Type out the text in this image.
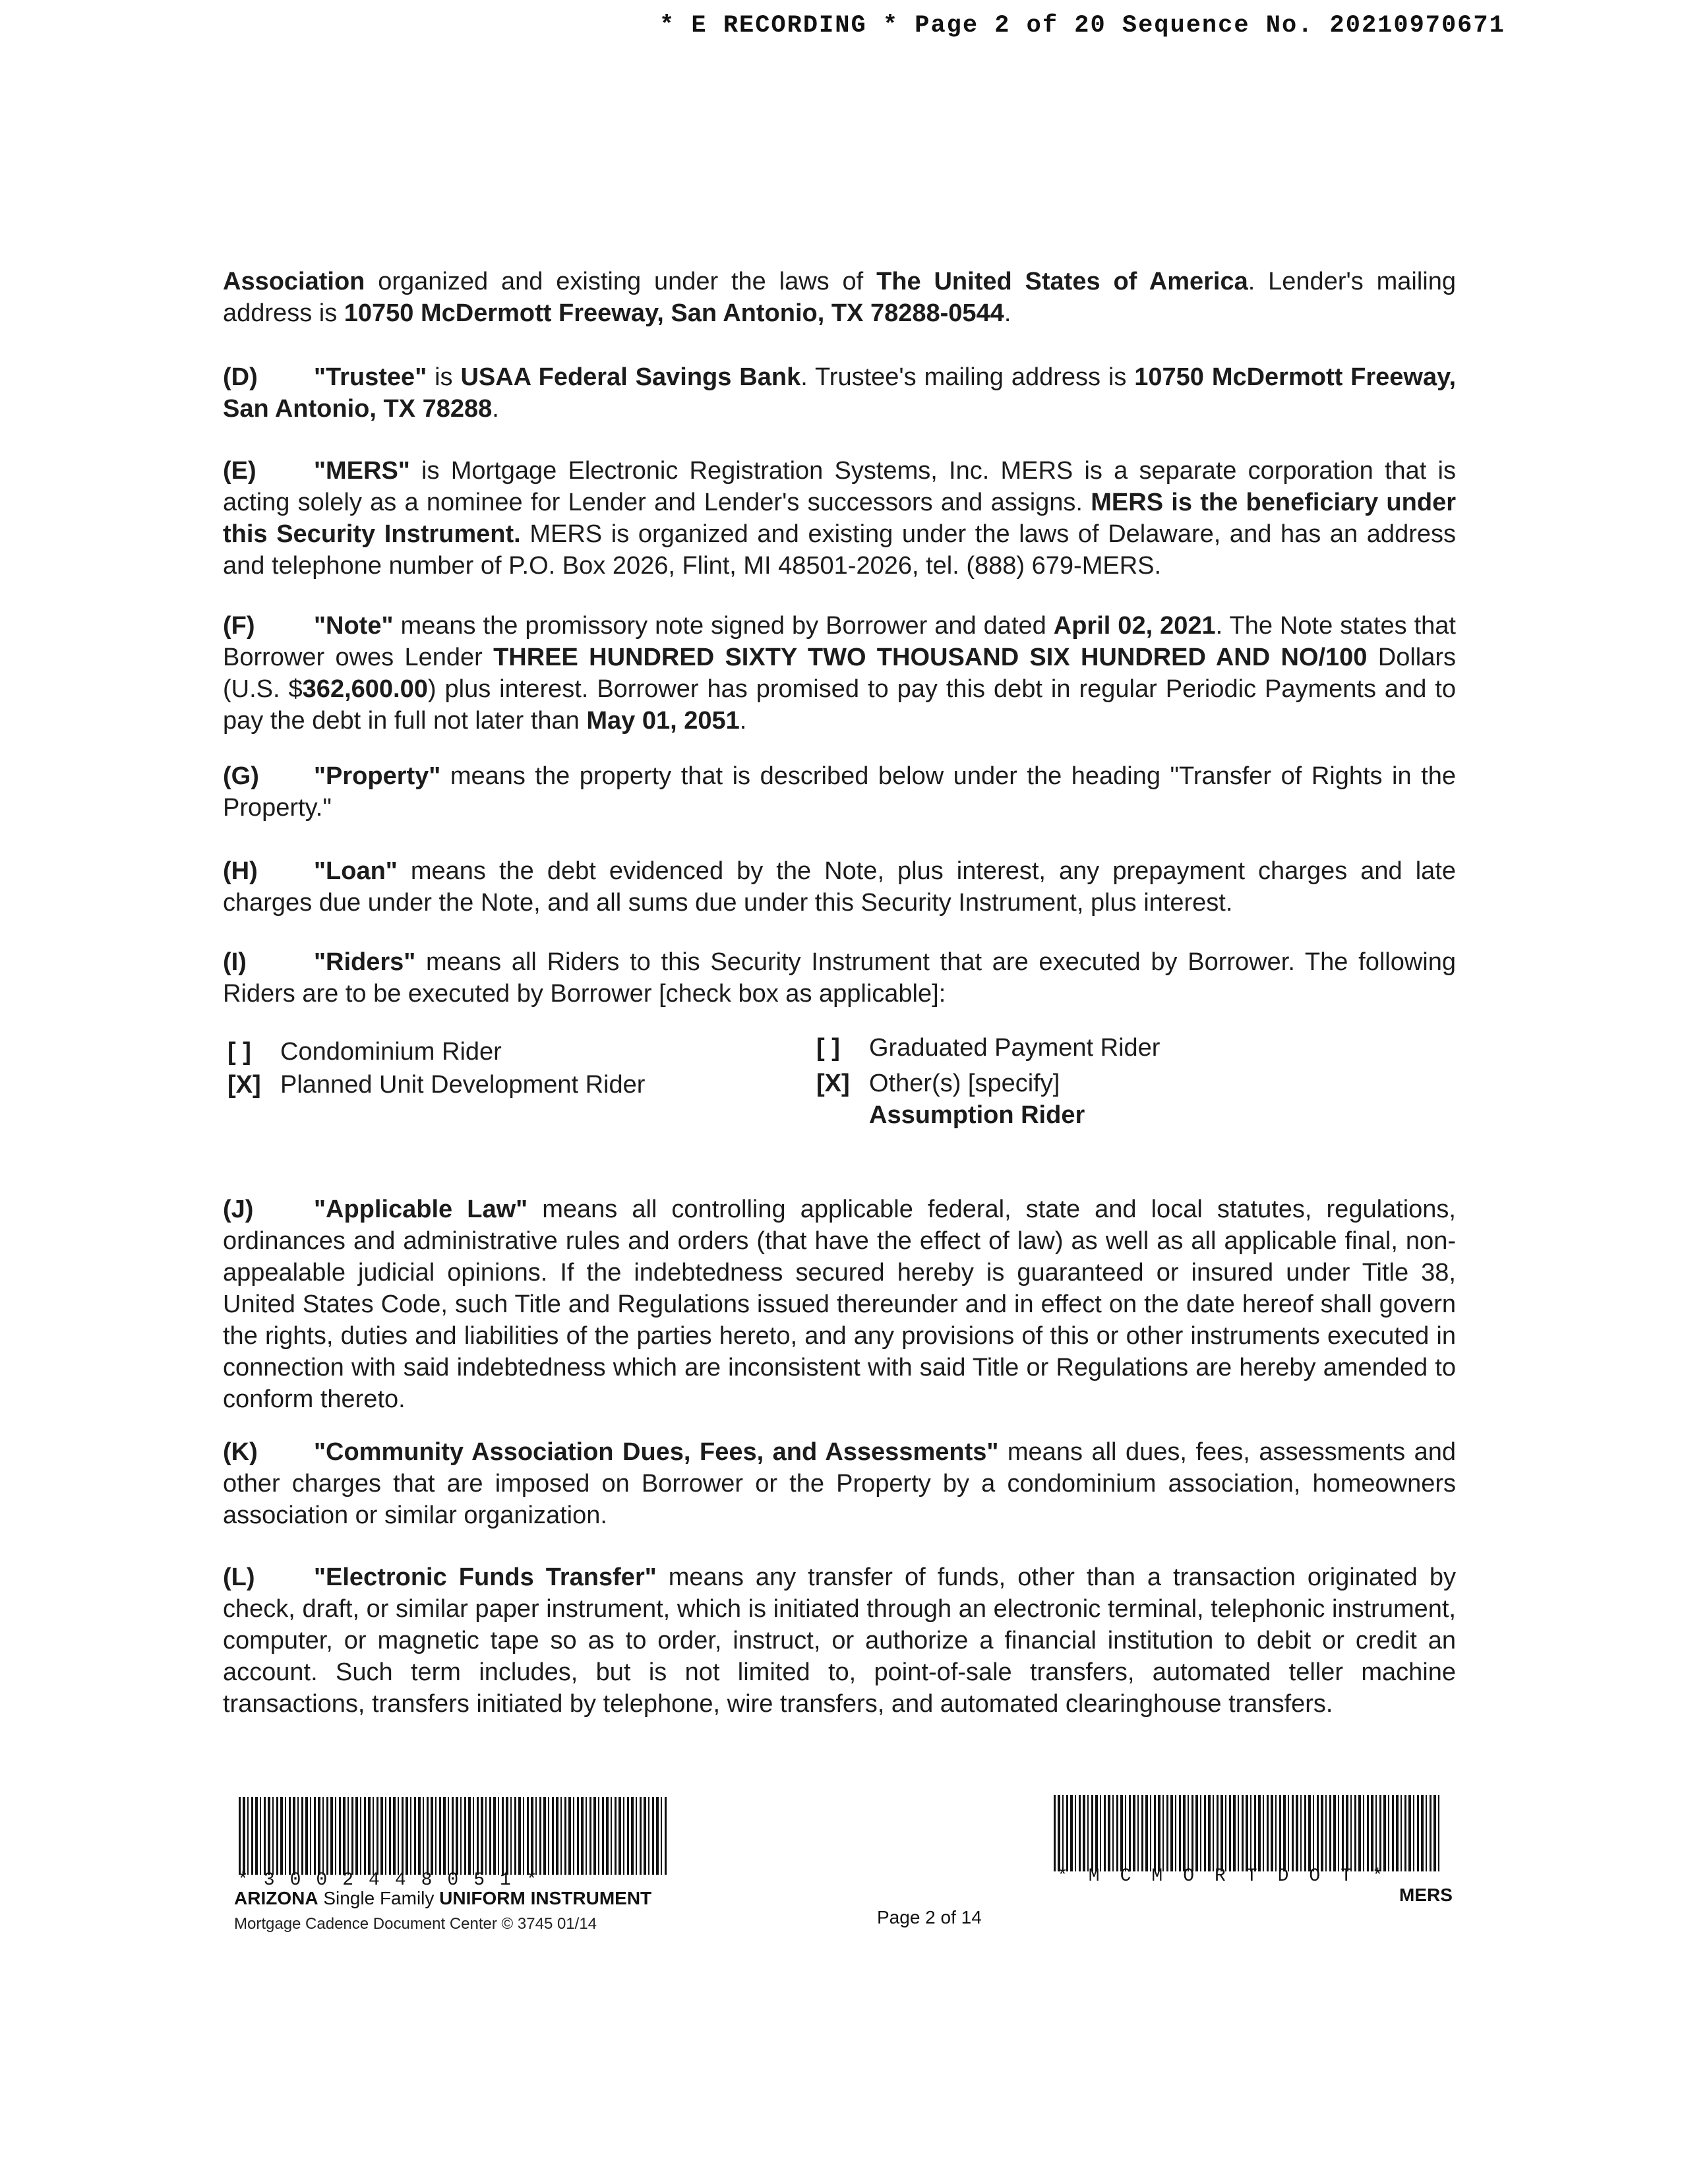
* E RECORDING * Page 2 of 20 Sequence No. 20210970671

Association organized and existing under the laws of The United States of America. Lender's mailing address is 10750 McDermott Freeway, San Antonio, TX 78288-0544.

(D) "Trustee" is USAA Federal Savings Bank. Trustee's mailing address is 10750 McDermott Freeway, San Antonio, TX 78288.

(E) "MERS" is Mortgage Electronic Registration Systems, Inc. MERS is a separate corporation that is acting solely as a nominee for Lender and Lender's successors and assigns. MERS is the beneficiary under this Security Instrument. MERS is organized and existing under the laws of Delaware, and has an address and telephone number of P.O. Box 2026, Flint, MI 48501-2026, tel. (888) 679-MERS.

(F) "Note" means the promissory note signed by Borrower and dated April 02, 2021. The Note states that Borrower owes Lender THREE HUNDRED SIXTY TWO THOUSAND SIX HUNDRED AND NO/100 Dollars (U.S. $362,600.00) plus interest. Borrower has promised to pay this debt in regular Periodic Payments and to pay the debt in full not later than May 01, 2051.

(G) "Property" means the property that is described below under the heading "Transfer of Rights in the Property."

(H) "Loan" means the debt evidenced by the Note, plus interest, any prepayment charges and late charges due under the Note, and all sums due under this Security Instrument, plus interest.

(I)	"Riders" means all Riders to this Security Instrument that are executed by Borrower. The following Riders are to be executed by Borrower [check box as applicable]:

[ ] Condominium Rider
[X] Planned Unit Development Rider
[ ] Graduated Payment Rider
[X] Other(s) [specify]
Assumption Rider

(J) "Applicable Law" means all controlling applicable federal, state and local statutes, regulations, ordinances and administrative rules and orders (that have the effect of law) as well as all applicable final, non-appealable judicial opinions. If the indebtedness secured hereby is guaranteed or insured under Title 38, United States Code, such Title and Regulations issued thereunder and in effect on the date hereof shall govern the rights, duties and liabilities of the parties hereto, and any provisions of this or other instruments executed in connection with said indebtedness which are inconsistent with said Title or Regulations are hereby amended to conform thereto.

(K) "Community Association Dues, Fees, and Assessments" means all dues, fees, assessments and other charges that are imposed on Borrower or the Property by a condominium association, homeowners association or similar organization.

(L) "Electronic Funds Transfer" means any transfer of funds, other than a transaction originated by check, draft, or similar paper instrument, which is initiated through an electronic terminal, telephonic instrument, computer, or magnetic tape so as to order, instruct, or authorize a financial institution to debit or credit an account. Such term includes, but is not limited to, point-of-sale transfers, automated teller machine transactions, transfers initiated by telephone, wire transfers, and automated clearinghouse transfers.

*3002448051*
ARIZONA Single Family UNIFORM INSTRUMENT
Mortgage Cadence Document Center © 3745 01/14	Page 2 of 14
*MCMORTDOT*
MERS
